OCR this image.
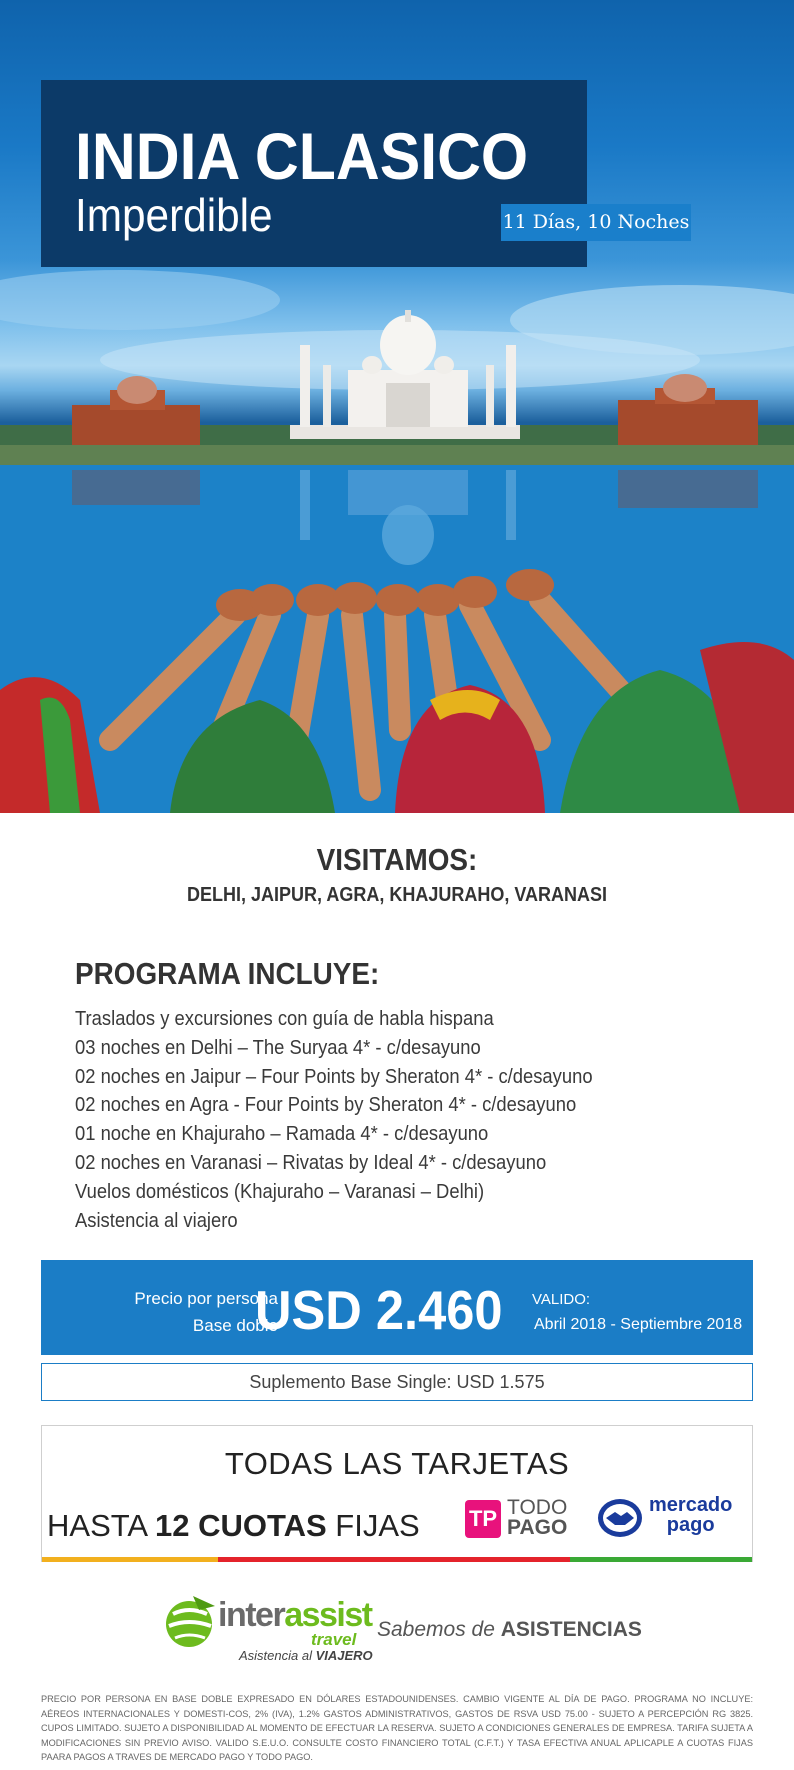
INDIA CLASICO
Imperdible	11 Días, 10 Noches
VISITAMOS:
DELHI, JAIPUR, AGRA, KHAJURAHO, VARANASI
PROGRAMA INCLUYE:
Traslados y excursiones con guía de habla hispana
03 noches en Delhi – The Suryaa 4* - c/desayuno
02 noches en Jaipur – Four Points by Sheraton 4* - c/desayuno
02 noches en Agra - Four Points by Sheraton 4* - c/desayuno
01 noche en Khajuraho – Ramada 4* - c/desayuno
02 noches en Varanasi – Rivatas by Ideal 4* - c/desayuno
Vuelos domésticos (Khajuraho – Varanasi – Delhi)
Asistencia al viajero
Precio por persona
Base doble
USD 2.460 VALIDO:
Abril 2018 - Septiembre 2018
Suplemento Base Single: USD 1.575
TODAS LAS TARJETAS
HASTA 12 CUOTAS FIJAS TP TODO
PAGO
mercado
pago
interassist
travel
Asistencia al VIAJERO
Sabemos de ASISTENCIAS
PRECIO POR PERSONA EN BASE DOBLE EXPRESADO EN DÓLARES ESTADOUNIDENSES. CAMBIO VIGENTE AL DÍA DE PAGO. PROGRAMA NO INCLUYE: AÉREOS INTERNACIONALES Y DOMESTI-COS, 2% (IVA), 1.2% GASTOS ADMINISTRATIVOS, GASTOS DE RSVA USD 75.00 - SUJETO A PERCEPCIÓN RG 3825. CUPOS LIMITADO. SUJETO A DISPONIBILIDAD AL MOMENTO DE EFECTUAR LA RESERVA. SUJETO A CONDICIONES GENERALES DE EMPRESA. TARIFA SUJETA A MODIFICACIONES SIN PREVIO AVISO. VALIDO S.E.U.O. CONSULTE COSTO FINANCIERO TOTAL (C.F.T.) Y TASA EFECTIVA ANUAL APLICAPLE A CUOTAS FIJAS PAARA PAGOS A TRAVES DE MERCADO PAGO Y TODO PAGO.
